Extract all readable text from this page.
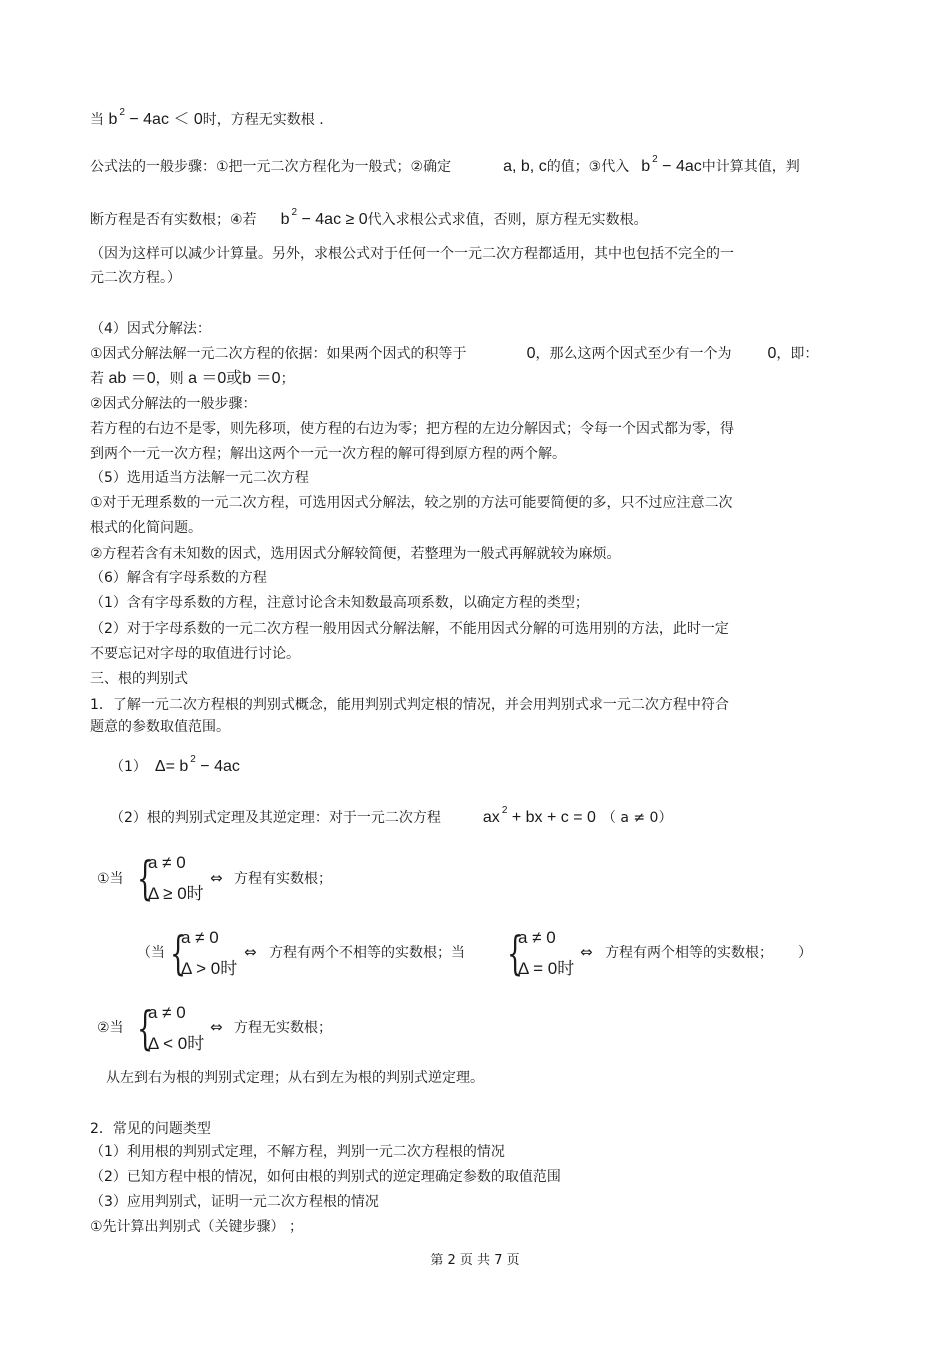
当 b $^2$ − 4ac ＜ 0时，方程无实数根 .
公式法的一般步骤：①把一元二次方程化为一般式；②确定	a, b, c的值；③代入 b $^2$ − 4ac中计算其值，判
断方程是否有实数根；④若 b $^2$ − 4ac ≥ 0代入求根公式求值，否则，原方程无实数根。
（因为这样可以减少计算量。另外，求根公式对于任何一个一元二次方程都适用，其中也包括不完全的一
元二次方程。）
（4）因式分解法：
①因式分解法解一元二次方程的依据：如果两个因式的积等于	0，那么这两个因式至少有一个为 0，即：
若 ab ＝0，则 a ＝0或b ＝0；
②因式分解法的一般步骤：
若方程的右边不是零，则先移项，使方程的右边为零；把方程的左边分解因式；令每一个因式都为零，得
到两个一元一次方程；解出这两个一元一次方程的解可得到原方程的两个解。
（5）选用适当方法解一元二次方程
①对于无理系数的一元二次方程，可选用因式分解法，较之别的方法可能要简便的多，只不过应注意二次
根式的化简问题。
②方程若含有未知数的因式，选用因式分解较简便，若整理为一般式再解就较为麻烦。
（6）解含有字母系数的方程
（1）含有字母系数的方程，注意讨论含未知数最高项系数，以确定方程的类型；
（2）对于字母系数的一元二次方程一般用因式分解法解，不能用因式分解的可选用别的方法，此时一定
不要忘记对字母的取值进行讨论。
三、根的判别式
1．了解一元二次方程根的判别式概念，能用判别式判定根的情况，并会用判别式求一元二次方程中符合
题意的参数取值范围。
（1） Δ= b $^2$ − 4ac
（2）根的判别式定理及其逆定理：对于一元二次方程	ax $^2$ + bx + c = 0 （ a ≠ 0）
①当 {
a ≠ 0
Δ ≥ 0时
⇔ 方程有实数根；
（当 {
a ≠ 0
Δ > 0时
⇔ 方程有两个不相等的实数根；当 {
a ≠ 0
Δ = 0时
⇔ 方程有两个相等的实数根； ）
②当 {
a ≠ 0
Δ < 0时
⇔ 方程无实数根；
从左到右为根的判别式定理；从右到左为根的判别式逆定理。
2．常见的问题类型
（1）利用根的判别式定理，不解方程，判别一元二次方程根的情况
（2）已知方程中根的情况，如何由根的判别式的逆定理确定参数的取值范围
（3）应用判别式，证明一元二次方程根的情况
①先计算出判别式（关键步骤） ；
第 2 页 共 7 页
